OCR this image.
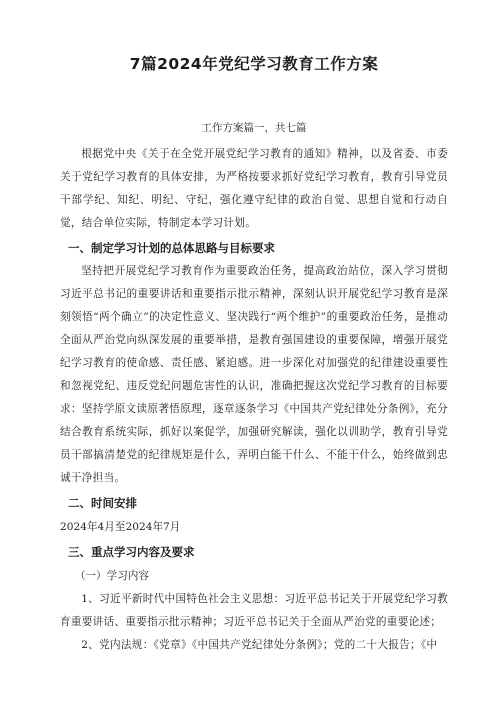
7篇2024年党纪学习教育工作方案

工作方案篇一，共七篇

根据党中央《关于在全党开展党纪学习教育的通知》精神，以及省委、市委关于党纪学习教育的具体安排，为严格按要求抓好党纪学习教育，教育引导党员干部学纪、知纪、明纪、守纪，强化遵守纪律的政治自觉、思想自觉和行动自觉，结合单位实际，特制定本学习计划。

一、制定学习计划的总体思路与目标要求

坚持把开展党纪学习教育作为重要政治任务，提高政治站位，深入学习贯彻习近平总书记的重要讲话和重要指示批示精神，深刻认识开展党纪学习教育是深刻领悟“两个确立”的决定性意义、坚决践行“两个维护”的重要政治任务，是推动全面从严治党向纵深发展的重要举措，是教育强国建设的重要保障，增强开展党纪学习教育的使命感、责任感、紧迫感。进一步深化对加强党的纪律建设重要性和忽视党纪、违反党纪问题危害性的认识，准确把握这次党纪学习教育的目标要求：坚持学原文读原著悟原理，逐章逐条学习《中国共产党纪律处分条例》，充分结合教育系统实际，抓好以案促学，加强研究解读，强化以训助学，教育引导党员干部搞清楚党的纪律规矩是什么，弄明白能干什么、不能干什么，始终做到忠诚干净担当。

二、时间安排

2024年4月至2024年7月

三、重点学习内容及要求

（一）学习内容

1、习近平新时代中国特色社会主义思想：习近平总书记关于开展党纪学习教育重要讲话、重要指示批示精神；习近平总书记关于全面从严治党的重要论述；

2、党内法规：《党章》《中国共产党纪律处分条例》；党的二十大报告；《中
